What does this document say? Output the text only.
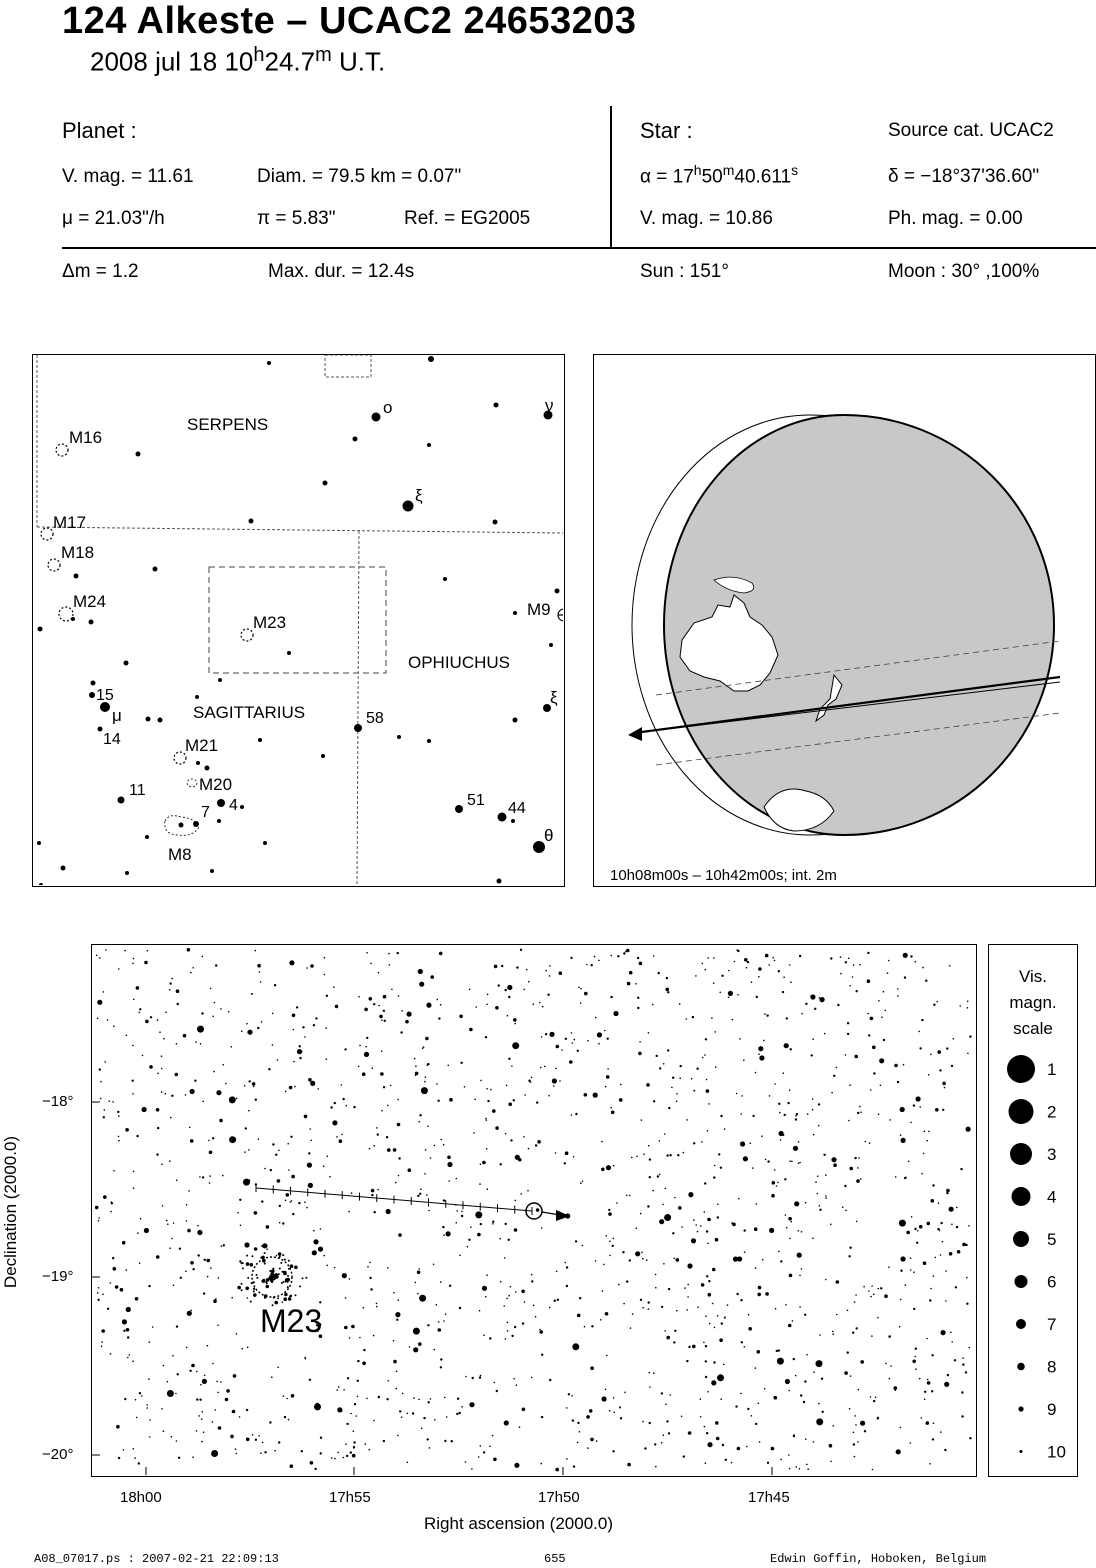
124 Alkeste – UCAC2 24653203
2008 jul 18 10$^h$24.7$^m$ U.T.
Planet :
V. mag. = 11.61	Diam. = 79.5 km = 0.07"
μ = 21.03"/h	π = 5.83"	Ref. = EG2005
Δm = 1.2	Max. dur. = 12.4s
Star :	Source cat. UCAC2
$\alpha = 17^h50^m40.611^s$	δ = −18°37'36.60"
V. mag. = 10.86	Ph. mag. = 0.00
Sun : 151°	Moon : 30° ,100%
SERPENS
OPHIUCHUS
SAGITTARIUS
M16
M17
M18
M24
M23
M9
M21
M20
M8
o	ν
ξ
ξ
μ
θ
15
14
58
11
7 4	51 44
10h08m00s – 10h42m00s; int. 2m
M23
−18°
−19°
−20°
18h00	17h55	17h50	17h45
Right ascension (2000.0)
Declination (2000.0)
Vis.
magn.
scale
1
2
3
4
5
6
7
8
9
10
A08_07017.ps : 2007-02-21 22:09:13	655	Edwin Goffin, Hoboken, Belgium
